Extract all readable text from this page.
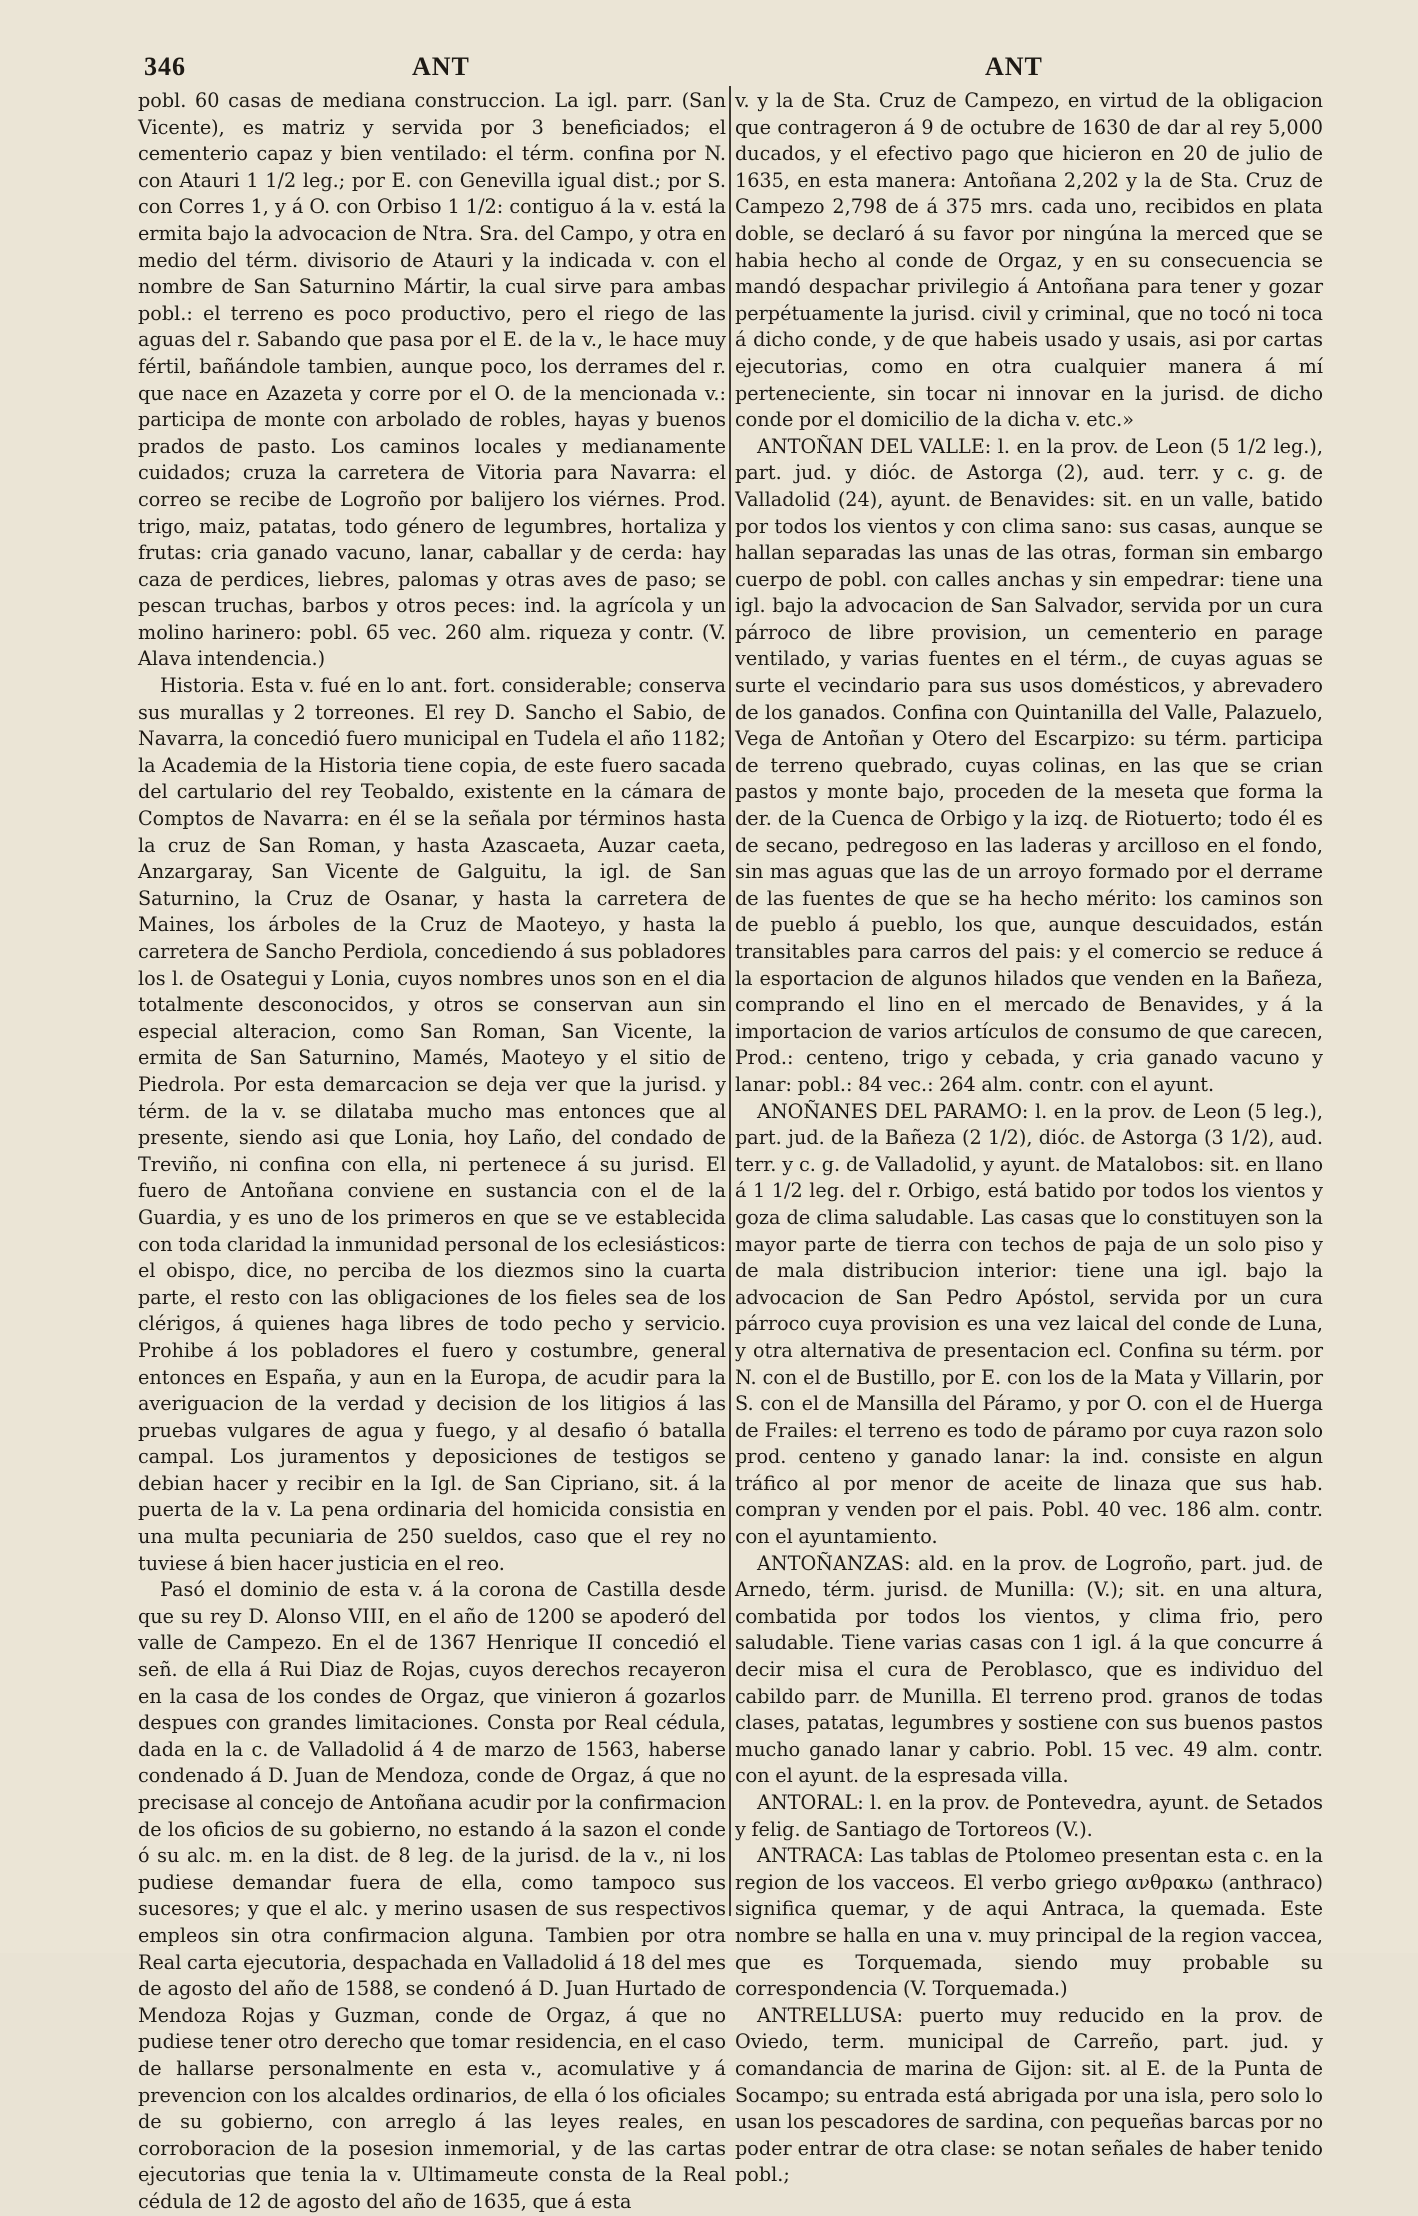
346	ANT	ANT

pobl. 60 casas de mediana construccion. La igl. parr. (San Vicente), es matriz y servida por 3 beneficiados; el cementerio capaz y bien ventilado: el térm. confina por N. con Atauri 1 1/2 leg.; por E. con Genevilla igual dist.; por S. con Corres 1, y á O. con Orbiso 1 1/2: contiguo á la v. está la ermita bajo la advocacion de Ntra. Sra. del Campo, y otra en medio del térm. divisorio de Atauri y la indicada v. con el nombre de San Saturnino Mártir, la cual sirve para ambas pobl.: el terreno es poco productivo, pero el riego de las aguas del r. Sabando que pasa por el E. de la v., le hace muy fértil, bañándole tambien, aunque poco, los derrames del r. que nace en Azazeta y corre por el O. de la mencionada v.: participa de monte con arbolado de robles, hayas y buenos prados de pasto. Los caminos locales y medianamente cuidados; cruza la carretera de Vitoria para Navarra: el correo se recibe de Logroño por balijero los viérnes. Prod. trigo, maiz, patatas, todo género de legumbres, hortaliza y frutas: cria ganado vacuno, lanar, caballar y de cerda: hay caza de perdices, liebres, palomas y otras aves de paso; se pescan truchas, barbos y otros peces: ind. la agrícola y un molino harinero: pobl. 65 vec. 260 alm. riqueza y contr. (V. Alava intendencia.)

Historia. Esta v. fué en lo ant. fort. considerable; conserva sus murallas y 2 torreones. El rey D. Sancho el Sabio, de Navarra, la concedió fuero municipal en Tudela el año 1182; la Academia de la Historia tiene copia, de este fuero sacada del cartulario del rey Teobaldo, existente en la cámara de Comptos de Navarra: en él se la señala por términos hasta la cruz de San Roman, y hasta Azascaeta, Auzar caeta, Anzargaray, San Vicente de Galguitu, la igl. de San Saturnino, la Cruz de Osanar, y hasta la carretera de Maines, los árboles de la Cruz de Maoteyo, y hasta la carretera de Sancho Perdiola, concediendo á sus pobladores los l. de Osategui y Lonia, cuyos nombres unos son en el dia totalmente desconocidos, y otros se conservan aun sin especial alteracion, como San Roman, San Vicente, la ermita de San Saturnino, Mamés, Maoteyo y el sitio de Piedrola. Por esta demarcacion se deja ver que la jurisd. y térm. de la v. se dilataba mucho mas entonces que al presente, siendo asi que Lonia, hoy Laño, del condado de Treviño, ni confina con ella, ni pertenece á su jurisd. El fuero de Antoñana conviene en sustancia con el de la Guardia, y es uno de los primeros en que se ve establecida con toda claridad la inmunidad personal de los eclesiásticos: el obispo, dice, no perciba de los diezmos sino la cuarta parte, el resto con las obligaciones de los fieles sea de los clérigos, á quienes haga libres de todo pecho y servicio. Prohibe á los pobladores el fuero y costumbre, general entonces en España, y aun en la Europa, de acudir para la averiguacion de la verdad y decision de los litigios á las pruebas vulgares de agua y fuego, y al desafio ó batalla campal. Los juramentos y deposiciones de testigos se debian hacer y recibir en la Igl. de San Cipriano, sit. á la puerta de la v. La pena ordinaria del homicida consistia en una multa pecuniaria de 250 sueldos, caso que el rey no tuviese á bien hacer justicia en el reo.

Pasó el dominio de esta v. á la corona de Castilla desde que su rey D. Alonso VIII, en el año de 1200 se apoderó del valle de Campezo. En el de 1367 Henrique II concedió el señ. de ella á Rui Diaz de Rojas, cuyos derechos recayeron en la casa de los condes de Orgaz, que vinieron á gozarlos despues con grandes limitaciones. Consta por Real cédula, dada en la c. de Valladolid á 4 de marzo de 1563, haberse condenado á D. Juan de Mendoza, conde de Orgaz, á que no precisase al concejo de Antoñana acudir por la confirmacion de los oficios de su gobierno, no estando á la sazon el conde ó su alc. m. en la dist. de 8 leg. de la jurisd. de la v., ni los pudiese demandar fuera de ella, como tampoco sus sucesores; y que el alc. y merino usasen de sus respectivos empleos sin otra confirmacion alguna. Tambien por otra Real carta ejecutoria, despachada en Valladolid á 18 del mes de agosto del año de 1588, se condenó á D. Juan Hurtado de Mendoza Rojas y Guzman, conde de Orgaz, á que no pudiese tener otro derecho que tomar residencia, en el caso de hallarse personalmente en esta v., acomulative y á prevencion con los alcaldes ordinarios, de ella ó los oficiales de su gobierno, con arreglo á las leyes reales, en corroboracion de la posesion inmemorial, y de las cartas ejecutorias que tenia la v. Ultimameute consta de la Real cédula de 12 de agosto del año de 1635, que á esta

v. y la de Sta. Cruz de Campezo, en virtud de la obligacion que contrageron á 9 de octubre de 1630 de dar al rey 5,000 ducados, y el efectivo pago que hicieron en 20 de julio de 1635, en esta manera: Antoñana 2,202 y la de Sta. Cruz de Campezo 2,798 de á 375 mrs. cada uno, recibidos en plata doble, se declaró á su favor por ningúna la merced que se habia hecho al conde de Orgaz, y en su consecuencia se mandó despachar privilegio á Antoñana para tener y gozar perpétuamente la jurisd. civil y criminal, que no tocó ni toca á dicho conde, y de que habeis usado y usais, asi por cartas ejecutorias, como en otra cualquier manera á mí perteneciente, sin tocar ni innovar en la jurisd. de dicho conde por el domicilio de la dicha v. etc.»

ANTOÑAN DEL VALLE: l. en la prov. de Leon (5 1/2 leg.), part. jud. y dióc. de Astorga (2), aud. terr. y c. g. de Valladolid (24), ayunt. de Benavides: sit. en un valle, batido por todos los vientos y con clima sano: sus casas, aunque se hallan separadas las unas de las otras, forman sin embargo cuerpo de pobl. con calles anchas y sin empedrar: tiene una igl. bajo la advocacion de San Salvador, servida por un cura párroco de libre provision, un cementerio en parage ventilado, y varias fuentes en el térm., de cuyas aguas se surte el vecindario para sus usos domésticos, y abrevadero de los ganados. Confina con Quintanilla del Valle, Palazuelo, Vega de Antoñan y Otero del Escarpizo: su térm. participa de terreno quebrado, cuyas colinas, en las que se crian pastos y monte bajo, proceden de la meseta que forma la der. de la Cuenca de Orbigo y la izq. de Riotuerto; todo él es de secano, pedregoso en las laderas y arcilloso en el fondo, sin mas aguas que las de un arroyo formado por el derrame de las fuentes de que se ha hecho mérito: los caminos son de pueblo á pueblo, los que, aunque descuidados, están transitables para carros del pais: y el comercio se reduce á la esportacion de algunos hilados que venden en la Bañeza, comprando el lino en el mercado de Benavides, y á la importacion de varios artículos de consumo de que carecen, Prod.: centeno, trigo y cebada, y cria ganado vacuno y lanar: pobl.: 84 vec.: 264 alm. contr. con el ayunt.

ANOÑANES DEL PARAMO: l. en la prov. de Leon (5 leg.), part. jud. de la Bañeza (2 1/2), dióc. de Astorga (3 1/2), aud. terr. y c. g. de Valladolid, y ayunt. de Matalobos: sit. en llano á 1 1/2 leg. del r. Orbigo, está batido por todos los vientos y goza de clima saludable. Las casas que lo constituyen son la mayor parte de tierra con techos de paja de un solo piso y de mala distribucion interior: tiene una igl. bajo la advocacion de San Pedro Apóstol, servida por un cura párroco cuya provision es una vez laical del conde de Luna, y otra alternativa de presentacion ecl. Confina su térm. por N. con el de Bustillo, por E. con los de la Mata y Villarin, por S. con el de Mansilla del Páramo, y por O. con el de Huerga de Frailes: el terreno es todo de páramo por cuya razon solo prod. centeno y ganado lanar: la ind. consiste en algun tráfico al por menor de aceite de linaza que sus hab. compran y venden por el pais. Pobl. 40 vec. 186 alm. contr. con el ayuntamiento.

ANTOÑANZAS: ald. en la prov. de Logroño, part. jud. de Arnedo, térm. jurisd. de Munilla: (V.); sit. en una altura, combatida por todos los vientos, y clima frio, pero saludable. Tiene varias casas con 1 igl. á la que concurre á decir misa el cura de Peroblasco, que es individuo del cabildo parr. de Munilla. El terreno prod. granos de todas clases, patatas, legumbres y sostiene con sus buenos pastos mucho ganado lanar y cabrio. Pobl. 15 vec. 49 alm. contr. con el ayunt. de la espresada villa.

ANTORAL: l. en la prov. de Pontevedra, ayunt. de Setados y felig. de Santiago de Tortoreos (V.).

ANTRACA: Las tablas de Ptolomeo presentan esta c. en la region de los vacceos. El verbo griego ανθρακω (anthraco) significa quemar, y de aqui Antraca, la quemada. Este nombre se halla en una v. muy principal de la region vaccea, que es Torquemada, siendo muy probable su correspondencia (V. Torquemada.)

ANTRELLUSA: puerto muy reducido en la prov. de Oviedo, term. municipal de Carreño, part. jud. y comandancia de marina de Gijon: sit. al E. de la Punta de Socampo; su entrada está abrigada por una isla, pero solo lo usan los pescadores de sardina, con pequeñas barcas por no poder entrar de otra clase: se notan señales de haber tenido pobl.;
